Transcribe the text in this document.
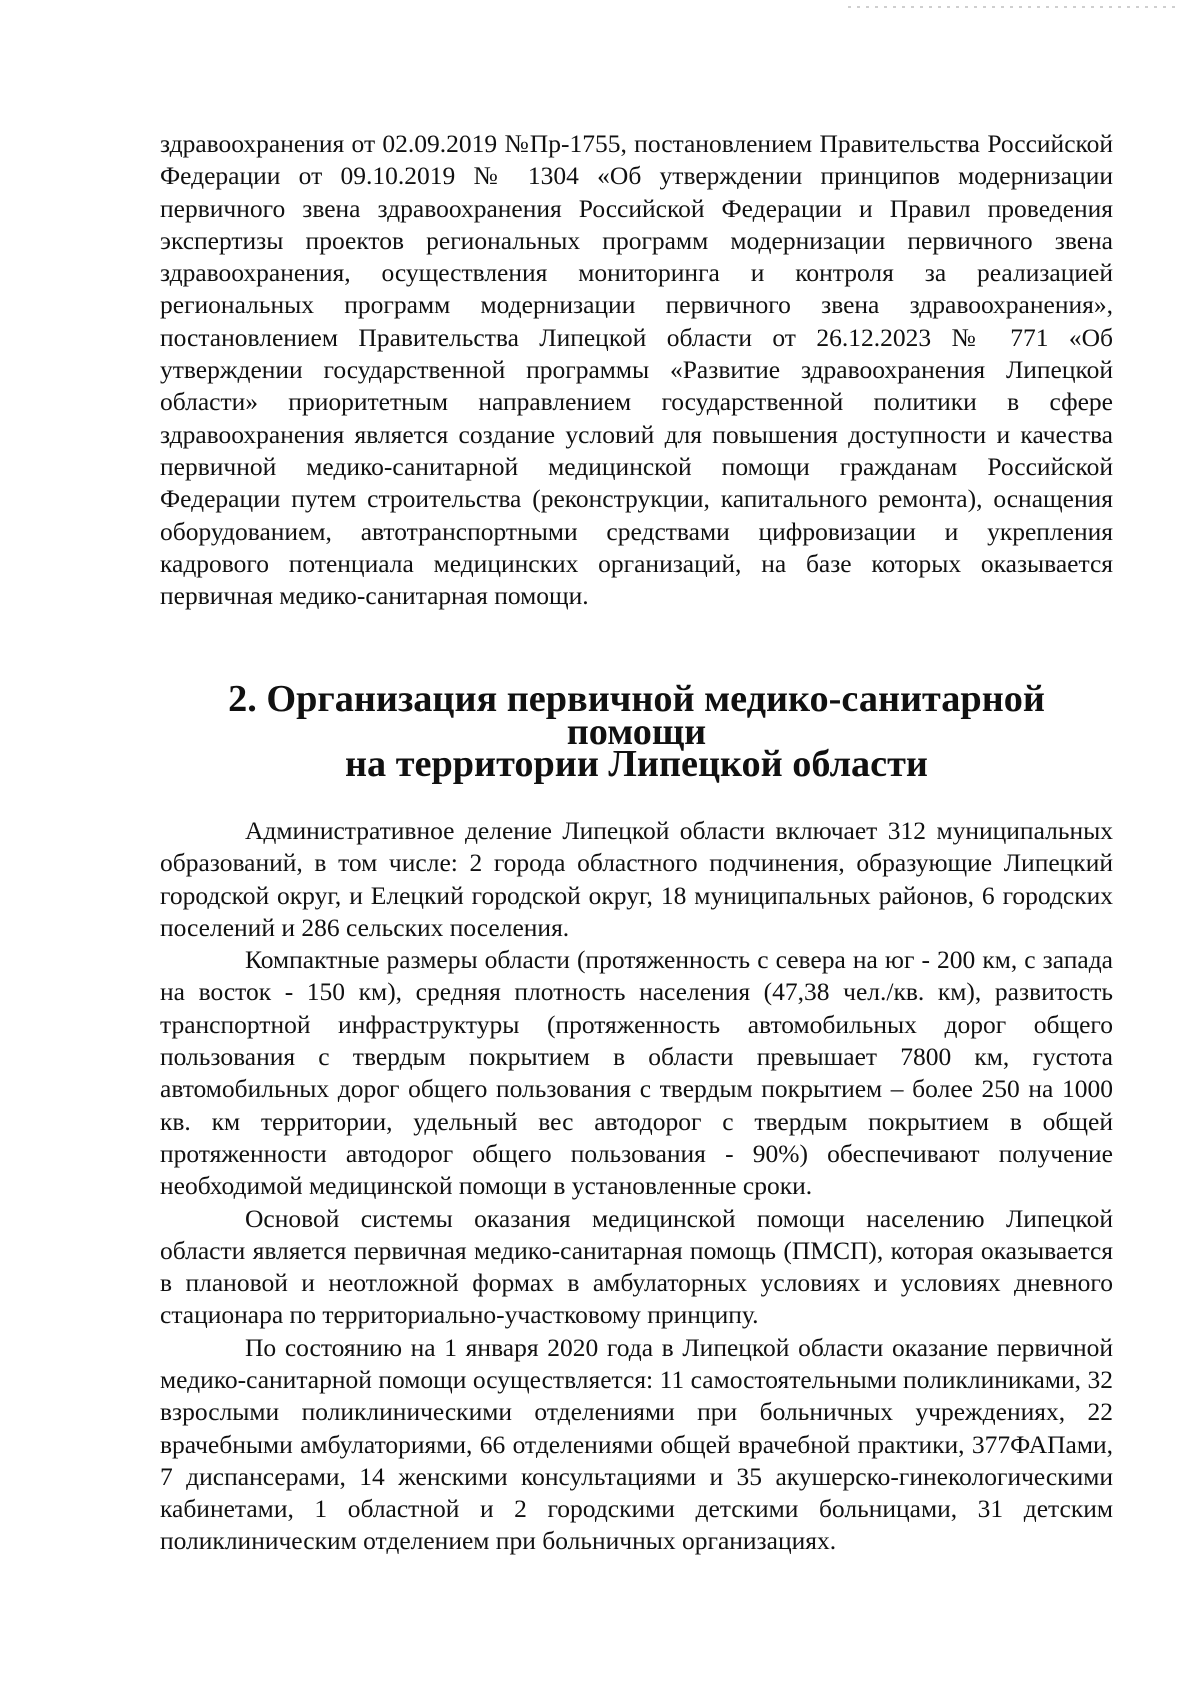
здравоохранения от 02.09.2019 №Пр-1755, постановлением Правительства Российской Федерации от 09.10.2019 № 1304 «Об утверждении принципов модернизации первичного звена здравоохранения Российской Федерации и Правил проведения экспертизы проектов региональных программ модернизации первичного звена здравоохранения, осуществления мониторинга и контроля за реализацией региональных программ модернизации первичного звена здравоохранения», постановлением Правительства Липецкой области от 26.12.2023 № 771 «Об утверждении государственной программы «Развитие здравоохранения Липецкой области» приоритетным направлением государственной политики в сфере здравоохранения является создание условий для повышения доступности и качества первичной медико-санитарной медицинской помощи гражданам Российской Федерации путем строительства (реконструкции, капитального ремонта), оснащения оборудованием, автотранспортными средствами цифровизации и укрепления кадрового потенциала медицинских организаций, на базе которых оказывается первичная медико-санитарная помощи.

2. Организация первичной медико-санитарной помощи
на территории Липецкой области

Административное деление Липецкой области включает 312 муниципальных образований, в том числе: 2 города областного подчинения, образующие Липецкий городской округ, и Елецкий городской округ, 18 муниципальных районов, 6 городских поселений и 286 сельских поселения.

Компактные размеры области (протяженность с севера на юг - 200 км, с запада на восток - 150 км), средняя плотность населения (47,38 чел./кв. км), развитость транспортной инфраструктуры (протяженность автомобильных дорог общего пользования с твердым покрытием в области превышает 7800 км, густота автомобильных дорог общего пользования с твердым покрытием – более 250 на 1000 кв. км территории, удельный вес автодорог с твердым покрытием в общей протяженности автодорог общего пользования - 90%) обеспечивают получение необходимой медицинской помощи в установленные сроки.

Основой системы оказания медицинской помощи населению Липецкой области является первичная медико-санитарная помощь (ПМСП), которая оказывается в плановой и неотложной формах в амбулаторных условиях и условиях дневного стационара по территориально-участковому принципу.

По состоянию на 1 января 2020 года в Липецкой области оказание первичной медико-санитарной помощи осуществляется: 11 самостоятельными поликлиниками, 32 взрослыми поликлиническими отделениями при больничных учреждениях, 22 врачебными амбулаториями, 66 отделениями общей врачебной практики, 377ФАПами, 7 диспансерами, 14 женскими консультациями и 35 акушерско-гинекологическими кабинетами, 1 областной и 2 городскими детскими больницами, 31 детским поликлиническим отделением при больничных организациях.
